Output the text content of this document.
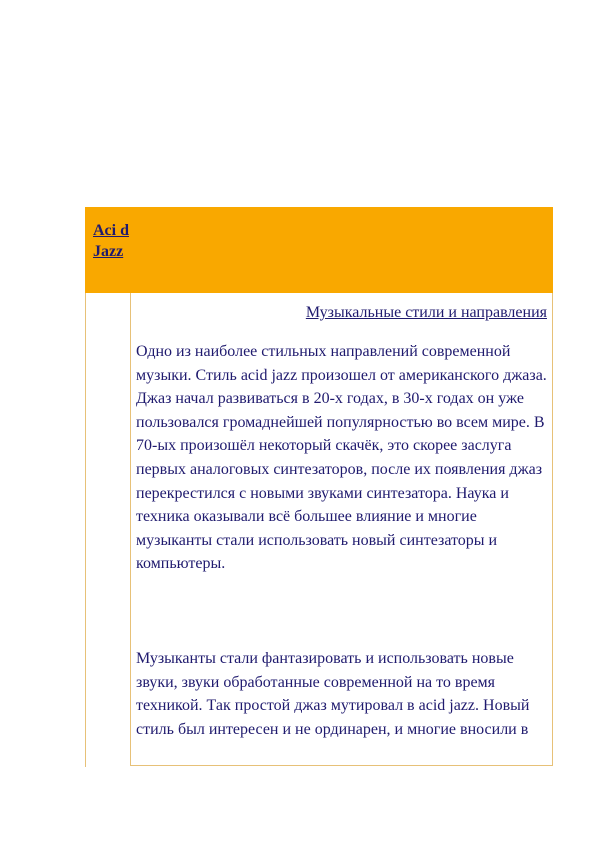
Aci d Jazz
Музыкальные стили и направления

Одно из наиболее стильных направлений современной музыки. Стиль acid jazz произошел от американского джаза. Джаз начал развиваться в 20-х годах, в 30-х годах он уже пользовался громаднейшей популярностью во всем мире. В 70-ых произошёл некоторый скачёк, это скорее заслуга первых аналоговых синтезаторов, после их появления джаз перекрестился с новыми звуками синтезатора. Наука и техника оказывали всё большее влияние и многие музыканты стали использовать новый синтезаторы и компьютеры.

Музыканты стали фантазировать и использовать новые звуки, звуки обработанные современной на то время техникой. Так простой джаз мутировал в acid jazz. Новый стиль был интересен и не ординарен, и многие вносили в
